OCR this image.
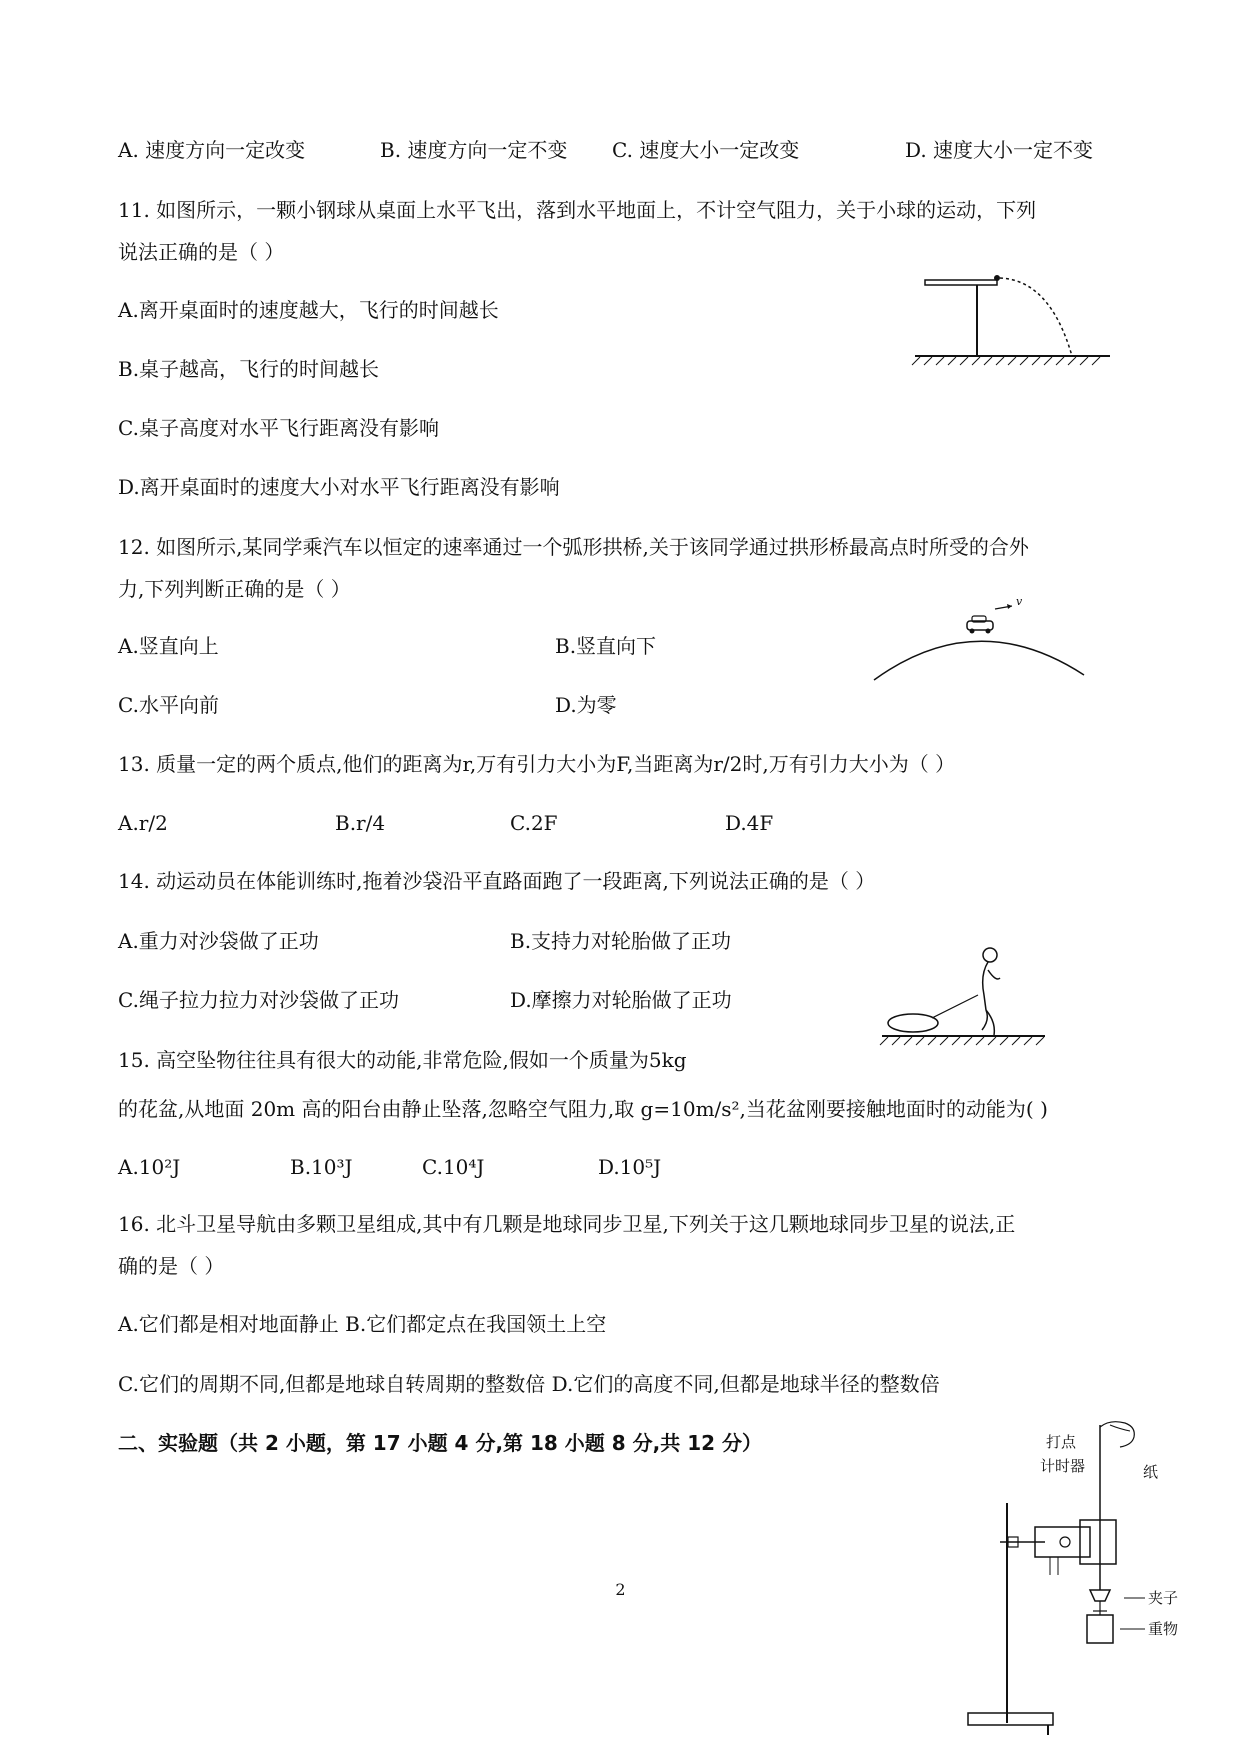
A. 速度方向一定改变	B. 速度方向一定不变 C. 速度大小一定改变	D. 速度大小一定不变
11. 如图所示，一颗小钢球从桌面上水平飞出，落到水平地面上，不计空气阻力，关于小球的运动，下列
说法正确的是（ ）
A.离开桌面时的速度越大，飞行的时间越长
B.桌子越高，飞行的时间越长
C.桌子高度对水平飞行距离没有影响
D.离开桌面时的速度大小对水平飞行距离没有影响
12. 如图所示,某同学乘汽车以恒定的速率通过一个弧形拱桥,关于该同学通过拱形桥最高点时所受的合外
力,下列判断正确的是（ ）
A.竖直向上	B.竖直向下
C.水平向前	D.为零
v
13. 质量一定的两个质点,他们的距离为r,万有引力大小为F,当距离为r/2时,万有引力大小为（ ）
A.r/2	B.r/4	C.2F	D.4F
14. 动运动员在体能训练时,拖着沙袋沿平直路面跑了一段距离,下列说法正确的是（ ）
A.重力对沙袋做了正功	B.支持力对轮胎做了正功
C.绳子拉力拉力对沙袋做了正功	D.摩擦力对轮胎做了正功
15. 高空坠物往往具有很大的动能,非常危险,假如一个质量为5kg
的花盆,从地面 20m 高的阳台由静止坠落,忽略空气阻力,取 g=10m/s²,当花盆刚要接触地面时的动能为( )
A.10²J	B.10³J	C.10⁴J	D.10⁵J
16. 北斗卫星导航由多颗卫星组成,其中有几颗是地球同步卫星,下列关于这几颗地球同步卫星的说法,正
确的是（ ）
A.它们都是相对地面静止 B.它们都定点在我国领土上空
C.它们的周期不同,但都是地球自转周期的整数倍 D.它们的高度不同,但都是地球半径的整数倍
二、实验题（共 2 小题，第 17 小题 4 分,第 18 小题 8 分,共 12 分）	打点
计时器	纸
夹子
重物
2
